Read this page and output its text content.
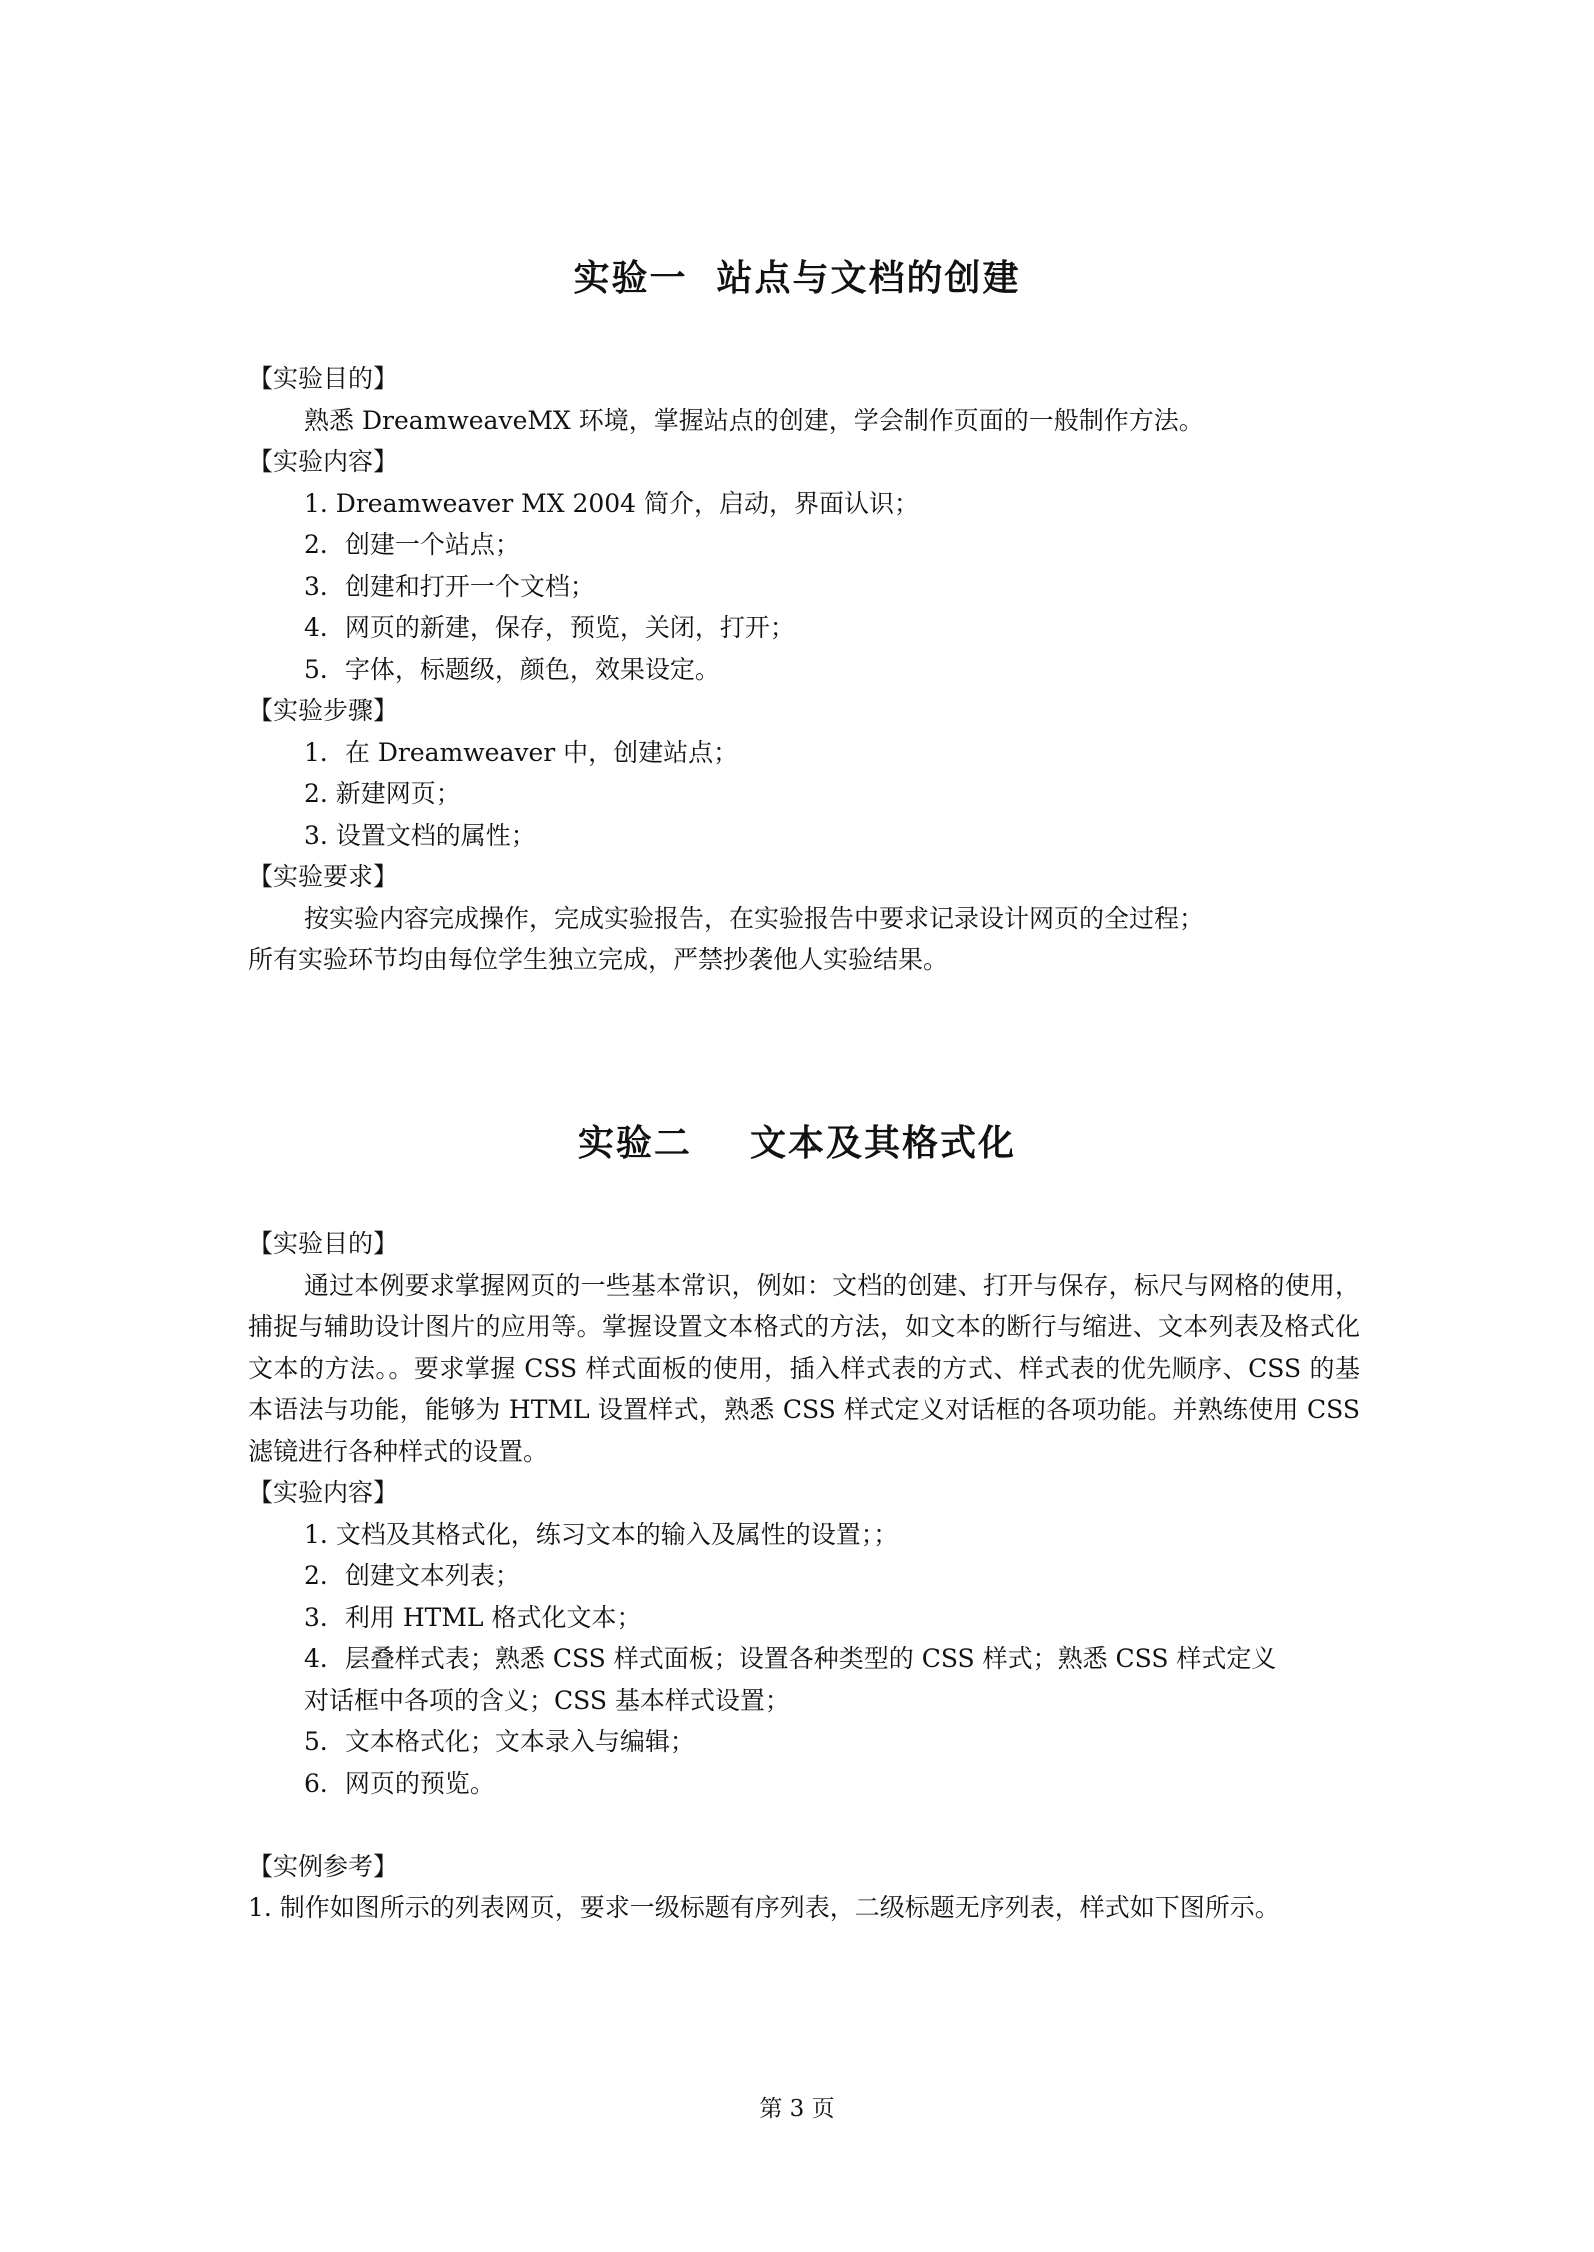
实验一  站点与文档的创建
【实验目的】
熟悉 DreamweaveMX 环境，掌握站点的创建，学会制作页面的一般制作方法。
【实验内容】
1. Dreamweaver MX 2004 简介，启动，界面认识；
2．创建一个站点；
3．创建和打开一个文档；
4．网页的新建，保存，预览，关闭，打开；
5．字体，标题级，颜色，效果设定。
【实验步骤】
1．在 Dreamweaver 中，创建站点；
2. 新建网页；
3. 设置文档的属性；
【实验要求】
按实验内容完成操作，完成实验报告，在实验报告中要求记录设计网页的全过程；
所有实验环节均由每位学生独立完成，严禁抄袭他人实验结果。
实验二    文本及其格式化
【实验目的】
通过本例要求掌握网页的一些基本常识，例如：文档的创建、打开与保存，标尺与网格的使用，捕捉与辅助设计图片的应用等。掌握设置文本格式的方法，如文本的断行与缩进、文本列表及格式化文本的方法。。要求掌握 CSS 样式面板的使用，插入样式表的方式、样式表的优先顺序、CSS 的基本语法与功能，能够为 HTML 设置样式，熟悉 CSS 样式定义对话框的各项功能。并熟练使用 CSS 滤镜进行各种样式的设置。
【实验内容】
1. 文档及其格式化，练习文本的输入及属性的设置；；
2．创建文本列表；
3．利用 HTML 格式化文本；
4．层叠样式表；熟悉 CSS 样式面板；设置各种类型的 CSS 样式；熟悉 CSS 样式定义
对话框中各项的含义；CSS 基本样式设置；
5．文本格式化；文本录入与编辑；
6．网页的预览。
【实例参考】
1. 制作如图所示的列表网页，要求一级标题有序列表，二级标题无序列表，样式如下图所示。
第 3 页
